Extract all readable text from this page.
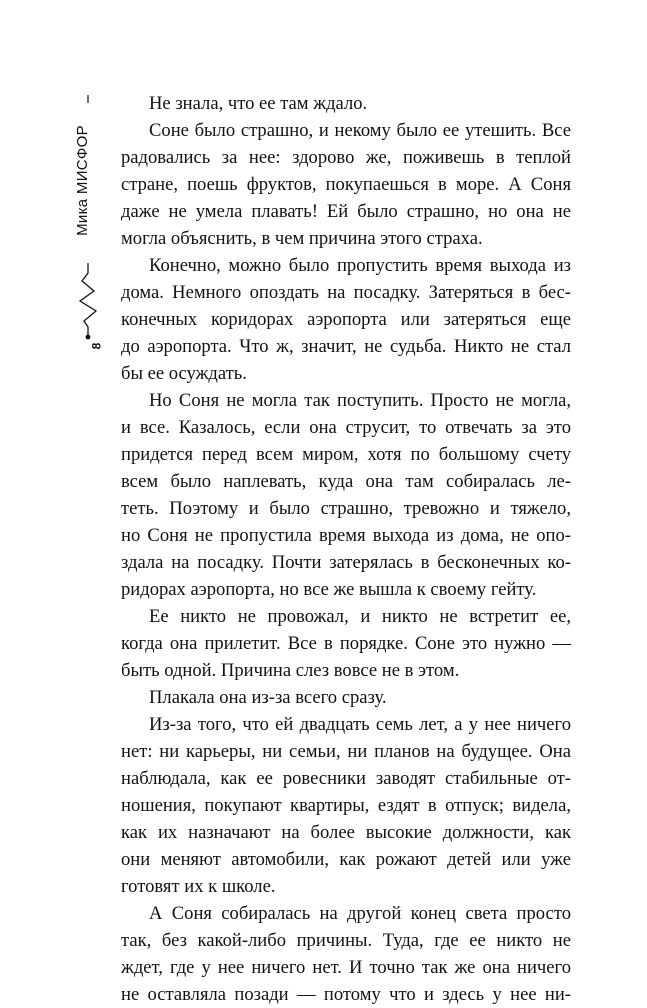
Мика МИСФОР
8

Не знала, что ее там ждало.

Соне было страшно, и некому было ее утешить. Все
радовались за нее: здорово же, поживешь в теплой
стране, поешь фруктов, покупаешься в море. А Соня
даже не умела плавать! Ей было страшно, но она не
могла объяснить, в чем причина этого страха.

Конечно, можно было пропустить время выхода из
дома. Немного опоздать на посадку. Затеряться в бес-
конечных коридорах аэропорта или затеряться еще
до аэропорта. Что ж, значит, не судьба. Никто не стал
бы ее осуждать.

Но Соня не могла так поступить. Просто не могла,
и все. Казалось, если она струсит, то отвечать за это
придется перед всем миром, хотя по большому счету
всем было наплевать, куда она там собиралась ле-
теть. Поэтому и было страшно, тревожно и тяжело,
но Соня не пропустила время выхода из дома, не опо-
здала на посадку. Почти затерялась в бесконечных ко-
ридорах аэропорта, но все же вышла к своему гейту.

Ее никто не провожал, и никто не встретит ее,
когда она прилетит. Все в порядке. Соне это нужно —
быть одной. Причина слез вовсе не в этом.

Плакала она из-за всего сразу.

Из-за того, что ей двадцать семь лет, а у нее ничего
нет: ни карьеры, ни семьи, ни планов на будущее. Она
наблюдала, как ее ровесники заводят стабильные от-
ношения, покупают квартиры, ездят в отпуск; видела,
как их назначают на более высокие должности, как
они меняют автомобили, как рожают детей или уже
готовят их к школе.

А Соня собиралась на другой конец света просто
так, без какой-либо причины. Туда, где ее никто не
ждет, где у нее ничего нет. И точно так же она ничего
не оставляла позади — потому что и здесь у нее ни-
